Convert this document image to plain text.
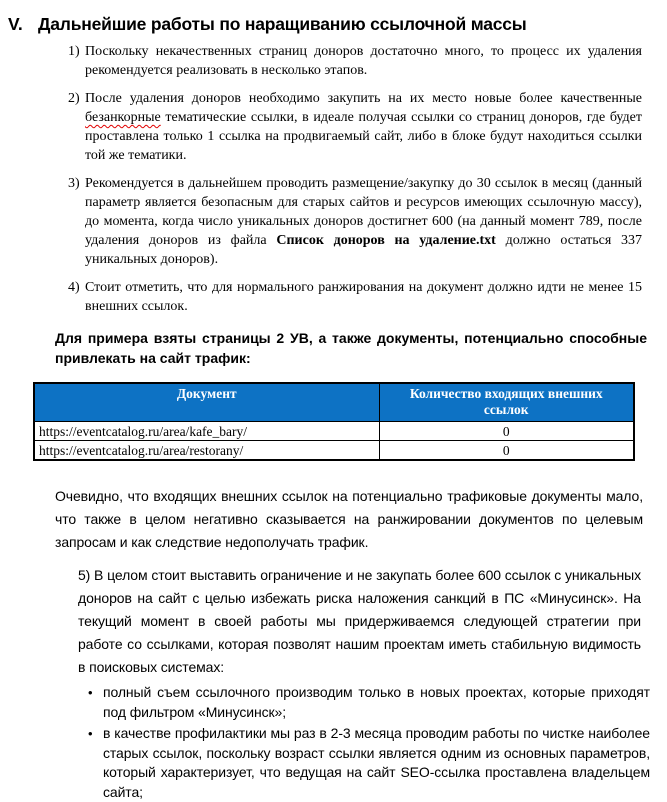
V. Дальнейшие работы по наращиванию ссылочной массы
1) Поскольку некачественных страниц доноров достаточно много, то процесс их удаления рекомендуется реализовать в несколько этапов.
2) После удаления доноров необходимо закупить на их место новые более качественные безанкорные тематические ссылки, в идеале получая ссылки со страниц доноров, где будет проставлена только 1 ссылка на продвигаемый сайт, либо в блоке будут находиться ссылки той же тематики.
3) Рекомендуется в дальнейшем проводить размещение/закупку до 30 ссылок в месяц (данный параметр является безопасным для старых сайтов и ресурсов имеющих ссылочную массу), до момента, когда число уникальных доноров достигнет 600 (на данный момент 789, после удаления доноров из файла Список доноров на удаление.txt должно остаться 337 уникальных доноров).
4) Стоит отметить, что для нормального ранжирования на документ должно идти не менее 15 внешних ссылок.

Для примера взяты страницы 2 УВ, а также документы, потенциально способные привлекать на сайт трафик:

Документ	Количество входящих внешних ссылок
https://eventcatalog.ru/area/kafe_bary/	0
https://eventcatalog.ru/area/restorany/	0

Очевидно, что входящих внешних ссылок на потенциально трафиковые документы мало, что также в целом негативно сказывается на ранжировании документов по целевым запросам и как следствие недополучать трафик.

5) В целом стоит выставить ограничение и не закупать более 600 ссылок с уникальных доноров на сайт с целью избежать риска наложения санкций в ПС «Минусинск». На текущий момент в своей работы мы придерживаемся следующей стратегии при работе со ссылками, которая позволят нашим проектам иметь стабильную видимость в поисковых системах:

• полный съем ссылочного производим только в новых проектах, которые приходят под фильтром «Минусинск»;
• в качестве профилактики мы раз в 2-3 месяца проводим работы по чистке наиболее старых ссылок, поскольку возраст ссылки является одним из основных параметров, который характеризует, что ведущая на сайт SEO-ссылка проставлена владельцем сайта;
